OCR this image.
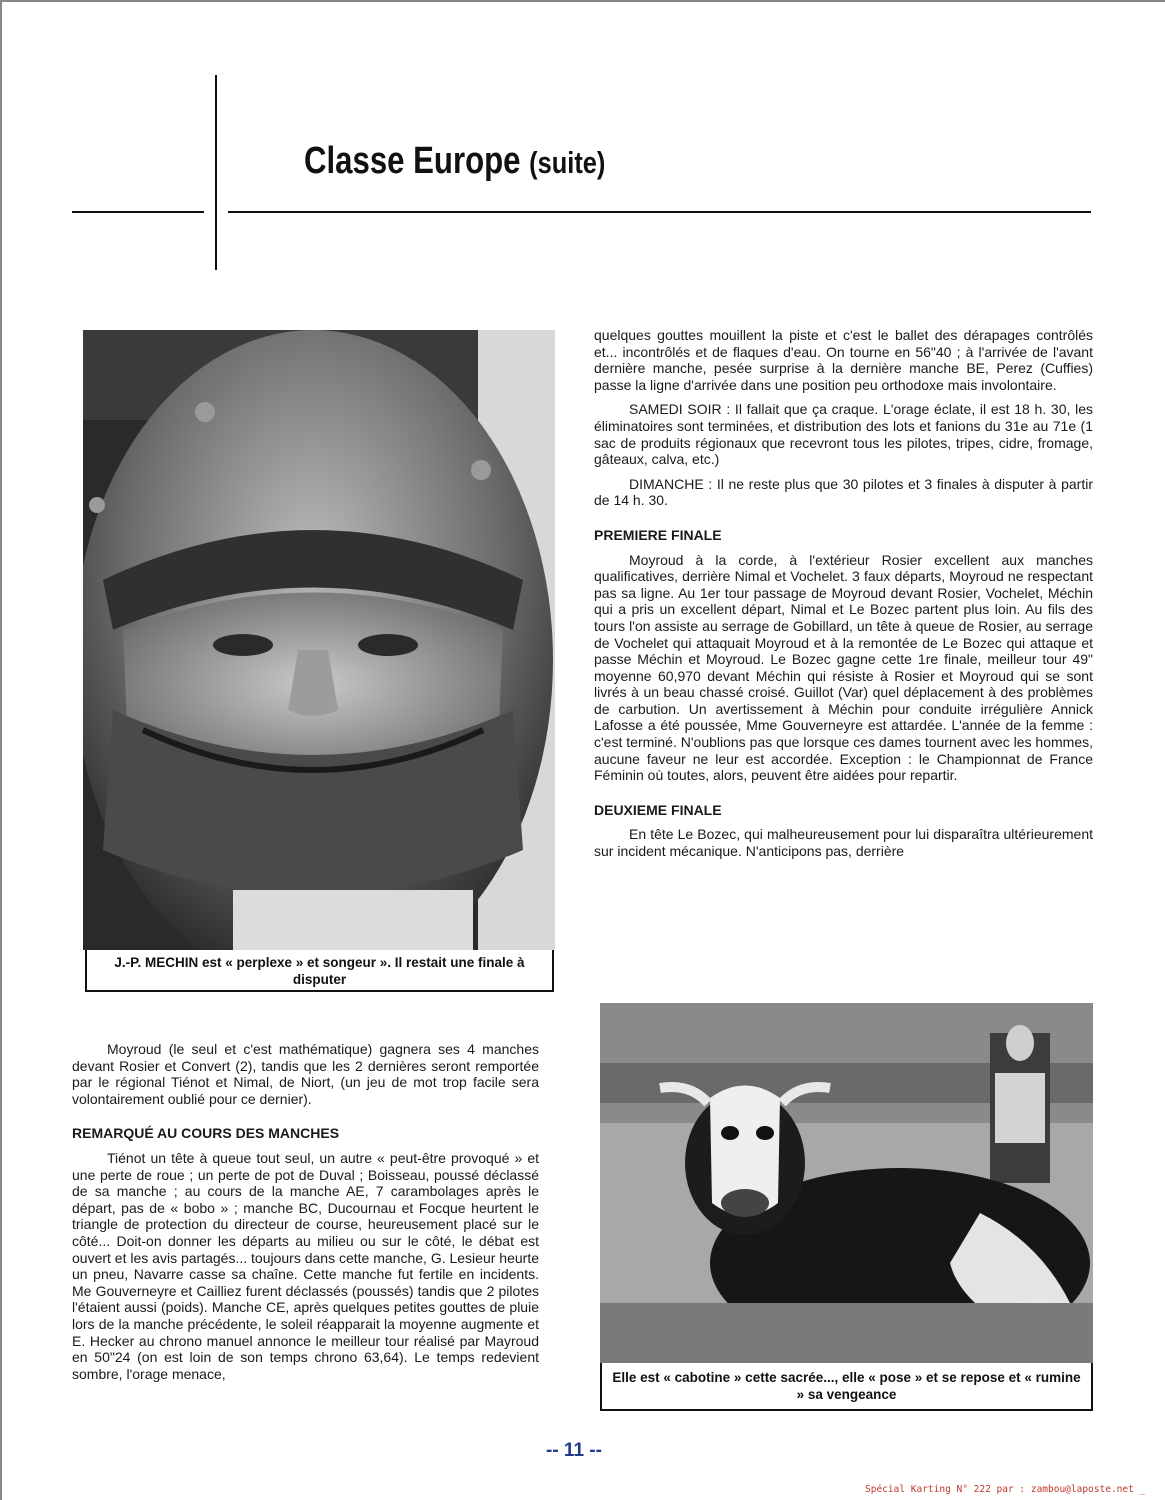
Classe Europe (suite)
J.-P. MECHIN est « perplexe » et songeur ». Il restait une finale à disputer

quelques gouttes mouillent la piste et c'est le ballet des dérapages contrôlés et... incontrôlés et de flaques d'eau. On tourne en 56"40 ; à l'arrivée de l'avant dernière manche, pesée surprise à la dernière manche BE, Perez (Cuffies) passe la ligne d'arrivée dans une position peu orthodoxe mais involontaire.

SAMEDI SOIR : Il fallait que ça craque. L'orage éclate, il est 18 h. 30, les éliminatoires sont terminées, et distribution des lots et fanions du 31e au 71e (1 sac de produits régionaux que recevront tous les pilotes, tripes, cidre, fromage, gâteaux, calva, etc.)

DIMANCHE : Il ne reste plus que 30 pilotes et 3 finales à disputer à partir de 14 h. 30.

PREMIERE FINALE

Moyroud à la corde, à l'extérieur Rosier excellent aux manches qualificatives, derrière Nimal et Vochelet. 3 faux départs, Moyroud ne respectant pas sa ligne. Au 1er tour passage de Moyroud devant Rosier, Vochelet, Méchin qui a pris un excellent départ, Nimal et Le Bozec partent plus loin. Au fils des tours l'on assiste au serrage de Gobillard, un tête à queue de Rosier, au serrage de Vochelet qui attaquait Moyroud et à la remontée de Le Bozec qui attaque et passe Méchin et Moyroud. Le Bozec gagne cette 1re finale, meilleur tour 49" moyenne 60,970 devant Méchin qui résiste à Rosier et Moyroud qui se sont livrés à un beau chassé croisé. Guillot (Var) quel déplacement à des problèmes de carbution. Un avertissement à Méchin pour conduite irrégulière Annick Lafosse a été poussée, Mme Gouverneyre est attardée. L'année de la femme : c'est terminé. N'oublions pas que lorsque ces dames tournent avec les hommes, aucune faveur ne leur est accordée. Exception : le Championnat de France Féminin où toutes, alors, peuvent être aidées pour repartir.

DEUXIEME FINALE

En tête Le Bozec, qui malheureusement pour lui disparaîtra ultérieurement sur incident mécanique. N'anticipons pas, derrière

Elle est « cabotine » cette sacrée..., elle « pose » et se repose et « rumine » sa vengeance

Moyroud (le seul et c'est mathématique) gagnera ses 4 manches devant Rosier et Convert (2), tandis que les 2 dernières seront remportée par le régional Tiénot et Nimal, de Niort, (un jeu de mot trop facile sera volontairement oublié pour ce dernier).

REMARQUÉ AU COURS DES MANCHES

Tiénot un tête à queue tout seul, un autre « peut-être provoqué » et une perte de roue ; un perte de pot de Duval ; Boisseau, poussé déclassé de sa manche ; au cours de la manche AE, 7 carambolages après le départ, pas de « bobo » ; manche BC, Ducournau et Focque heurtent le triangle de protection du directeur de course, heureusement placé sur le côté... Doit-on donner les départs au milieu ou sur le côté, le débat est ouvert et les avis partagés... toujours dans cette manche, G. Lesieur heurte un pneu, Navarre casse sa chaîne. Cette manche fut fertile en incidents. Me Gouverneyre et Cailliez furent déclassés (poussés) tandis que 2 pilotes l'étaient aussi (poids). Manche CE, après quelques petites gouttes de pluie lors de la manche précédente, le soleil réapparait la moyenne augmente et E. Hecker au chrono manuel annonce le meilleur tour réalisé par Mayroud en 50"24 (on est loin de son temps chrono 63,64). Le temps redevient sombre, l'orage menace,

-- 11 --
Spécial Karting N° 222 par : zambou@laposte.net _
